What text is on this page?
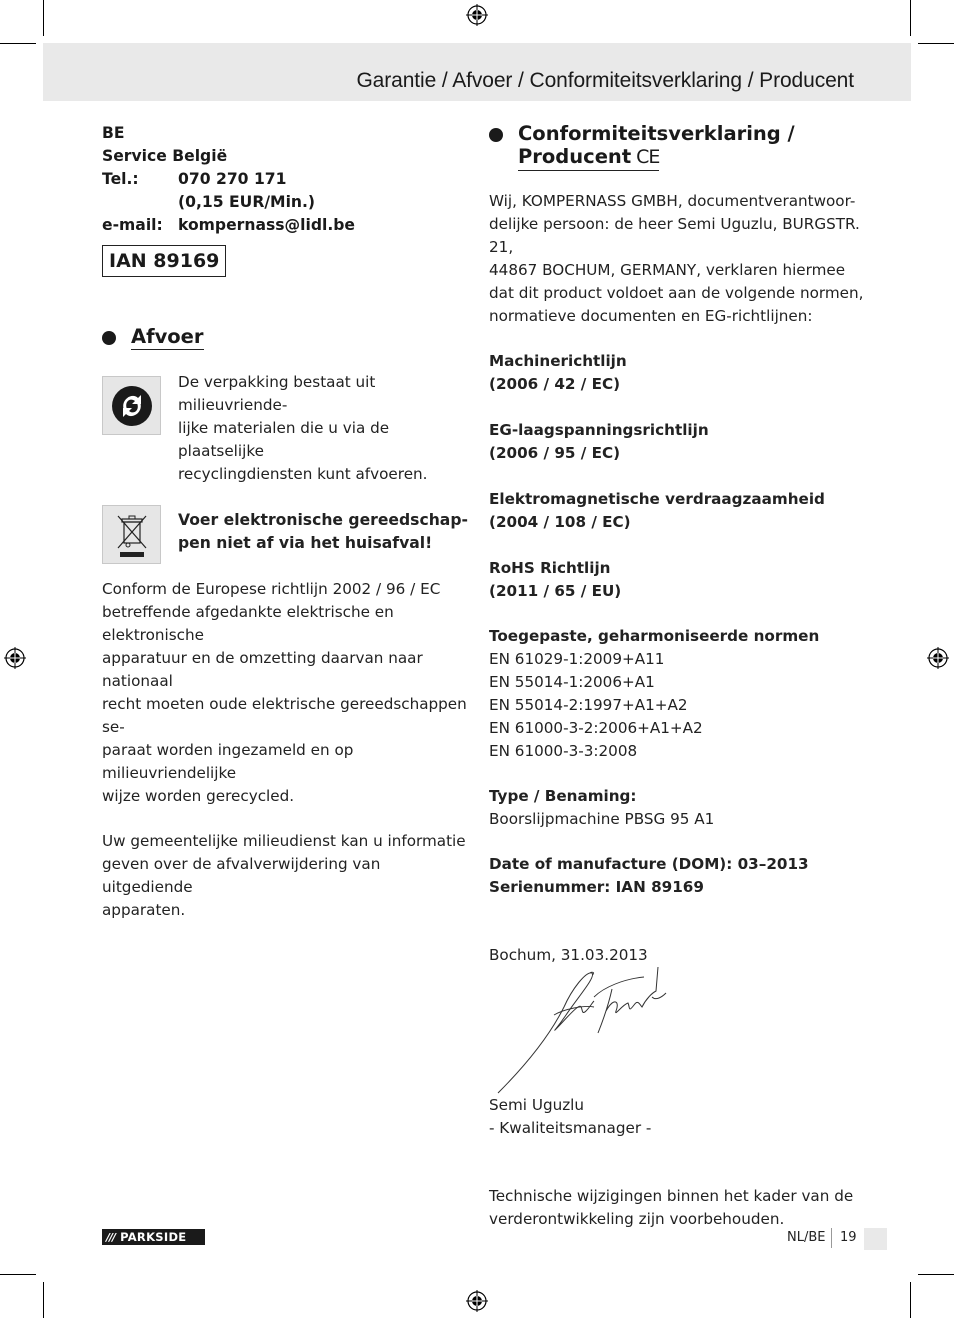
Garantie / Afvoer / Conformiteitsverklaring / Producent
BE
Service België
Tel.:	070 270 171
(0,15 EUR/Min.)
e-mail: kompernass@lidl.be
IAN 89169
Afvoer
De verpakking bestaat uit milieuvriende-
lijke materialen die u via de plaatselijke
recyclingdiensten kunt afvoeren.
Voer elektronische gereedschap-
pen niet af via het huisafval!
Conform de Europese richtlijn 2002 / 96 / EC
betreffende afgedankte elektrische en elektronische
apparatuur en de omzetting daarvan naar nationaal
recht moeten oude elektrische gereedschappen se-
paraat worden ingezameld en op milieuvriendelijke
wijze worden gerecycled.
Uw gemeentelijke milieudienst kan u informatie
geven over de afvalverwijdering van uitgediende
apparaten.
Conformiteitsverklaring /
Producent CE
Wij, KOMPERNASS GMBH, documentverantwoor-
delijke persoon: de heer Semi Uguzlu, BURGSTR. 21,
44867 BOCHUM, GERMANY, verklaren hiermee
dat dit product voldoet aan de volgende normen,
normatieve documenten en EG-richtlijnen:
Machinerichtlijn
(2006 / 42 / EC)
EG-laagspanningsrichtlijn
(2006 / 95 / EC)
Elektromagnetische verdraagzaamheid
(2004 / 108 / EC)
RoHS Richtlijn
(2011 / 65 / EU)
Toegepaste, geharmoniseerde normen
EN 61029-1:2009+A11
EN 55014-1:2006+A1
EN 55014-2:1997+A1+A2
EN 61000-3-2:2006+A1+A2
EN 61000-3-3:2008
Type / Benaming:
Boorslijpmachine PBSG 95 A1
Date of manufacture (DOM): 03–2013
Serienummer: IAN 89169
Bochum, 31.03.2013
Semi Uguzlu
- Kwaliteitsmanager -
Technische wijzigingen binnen het kader van de
verderontwikkeling zijn voorbehouden.
/// PARKSIDE	NL/BE 19
